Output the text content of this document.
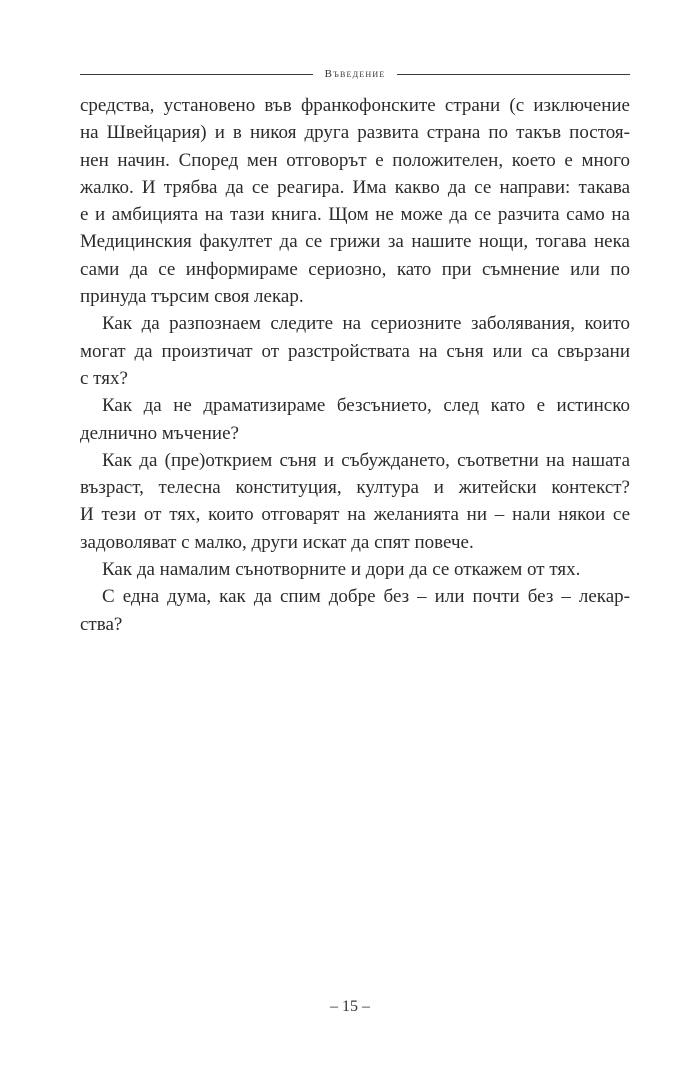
Въведение
средства, установено във франкофонските страни (с изключение
на Швейцария) и в никоя друга развита страна по такъв постоя-
нен начин. Според мен отговорът е положителен, което е много
жалко. И трябва да се реагира. Има какво да се направи: такава
е и амбицията на тази книга. Щом не може да се разчита само на
Медицинския факултет да се грижи за нашите нощи, тогава нека
сами да се информираме сериозно, като при съмнение или по
принуда търсим своя лекар.
Как да разпознаем следите на сериозните заболявания, които
могат да произтичат от разстройствата на съня или са свързани
с тях?
Как да не драматизираме безсънието, след като е истинско
делнично мъчение?
Как да (пре)открием съня и събуждането, съответни на нашата
възраст, телесна конституция, култура и житейски контекст?
И тези от тях, които отговарят на желанията ни – нали някои се
задоволяват с малко, други искат да спят повече.
Как да намалим сънотворните и дори да се откажем от тях.
С една дума, как да спим добре без – или почти без – лекар-
ства?
– 15 –
